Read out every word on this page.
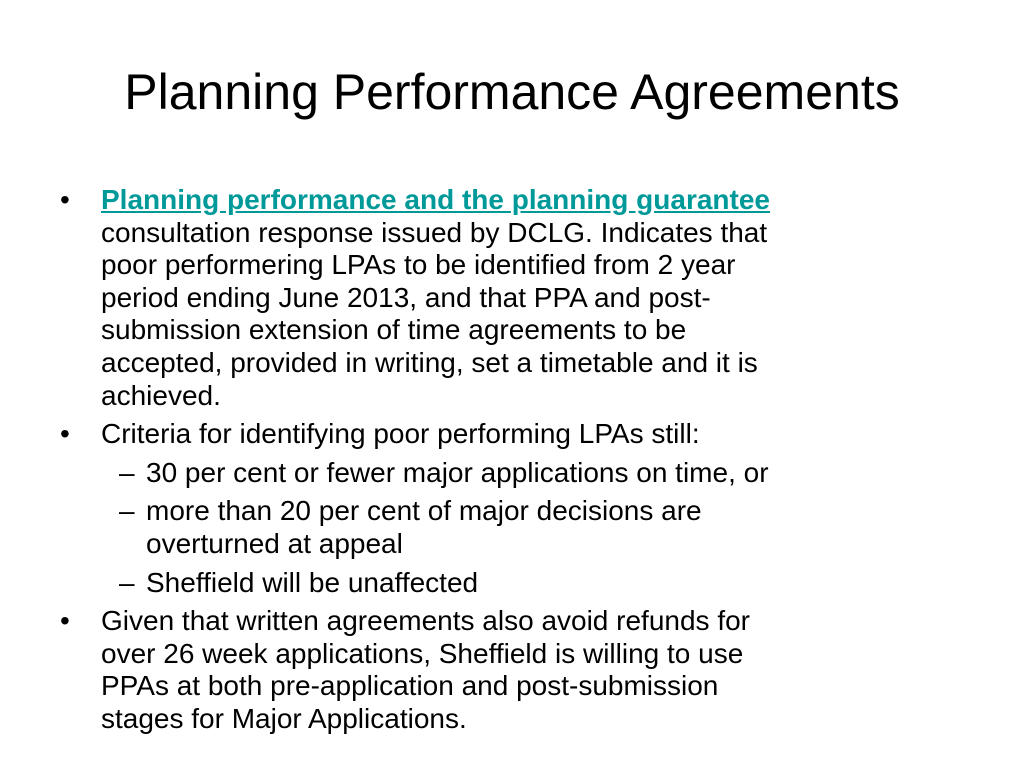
Planning Performance Agreements
• Planning performance and the planning guarantee
consultation response issued by DCLG. Indicates that
poor performering LPAs to be identified from 2 year
period ending June 2013, and that PPA and post-
submission extension of time agreements to be
accepted, provided in writing, set a timetable and it is
achieved.
• Criteria for identifying poor performing LPAs still:
– 30 per cent or fewer major applications on time, or
– more than 20 per cent of major decisions are
overturned at appeal
– Sheffield will be unaffected
• Given that written agreements also avoid refunds for
over 26 week applications, Sheffield is willing to use
PPAs at both pre-application and post-submission
stages for Major Applications.
